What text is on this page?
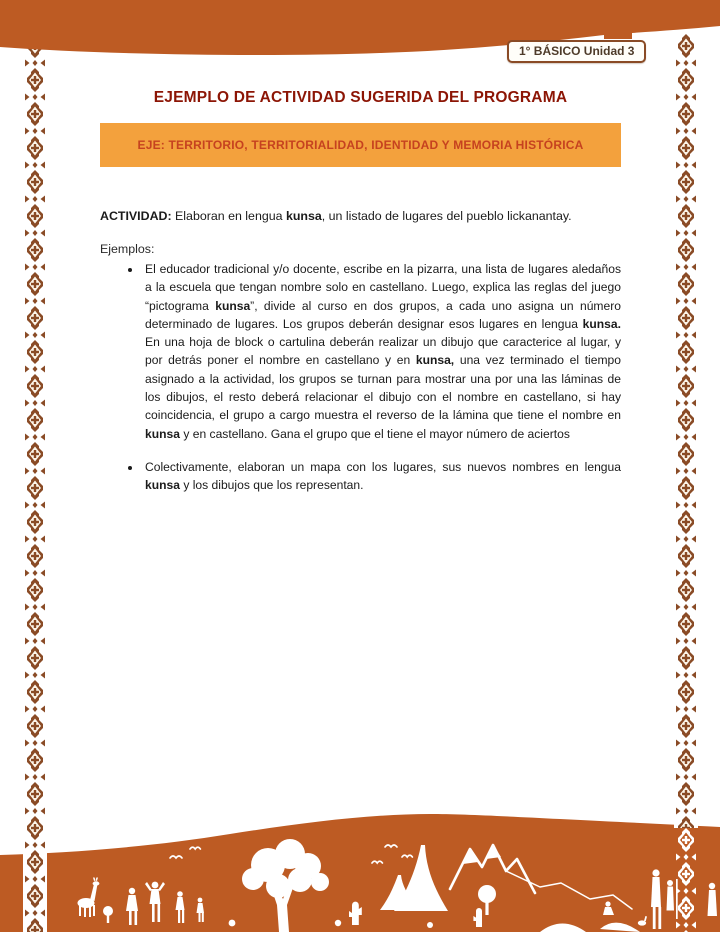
1° BÁSICO Unidad 3
EJEMPLO DE ACTIVIDAD SUGERIDA DEL PROGRAMA
EJE: TERRITORIO, TERRITORIALIDAD, IDENTIDAD Y MEMORIA HISTÓRICA

ACTIVIDAD: Elaboran en lengua kunsa, un listado de lugares del pueblo lickanantay.

Ejemplos:

• El educador tradicional y/o docente, escribe en la pizarra, una lista de lugares aledaños a la escuela que tengan nombre solo en castellano. Luego, explica las reglas del juego “pictograma kunsa”, divide al curso en dos grupos, a cada uno asigna un número determinado de lugares. Los grupos deberán designar esos lugares en lengua kunsa. En una hoja de block o cartulina deberán realizar un dibujo que caracterice al lugar, y por detrás poner el nombre en castellano y en kunsa, una vez terminado el tiempo asignado a la actividad, los grupos se turnan para mostrar una por una las láminas de los dibujos, el resto deberá relacionar el dibujo con el nombre en castellano, si hay coincidencia, el grupo a cargo muestra el reverso de la lámina que tiene el nombre en kunsa y en castellano. Gana el grupo que el tiene el mayor número de aciertos
• Colectivamente, elaboran un mapa con los lugares, sus nuevos nombres en lengua kunsa y los dibujos que los representan.
